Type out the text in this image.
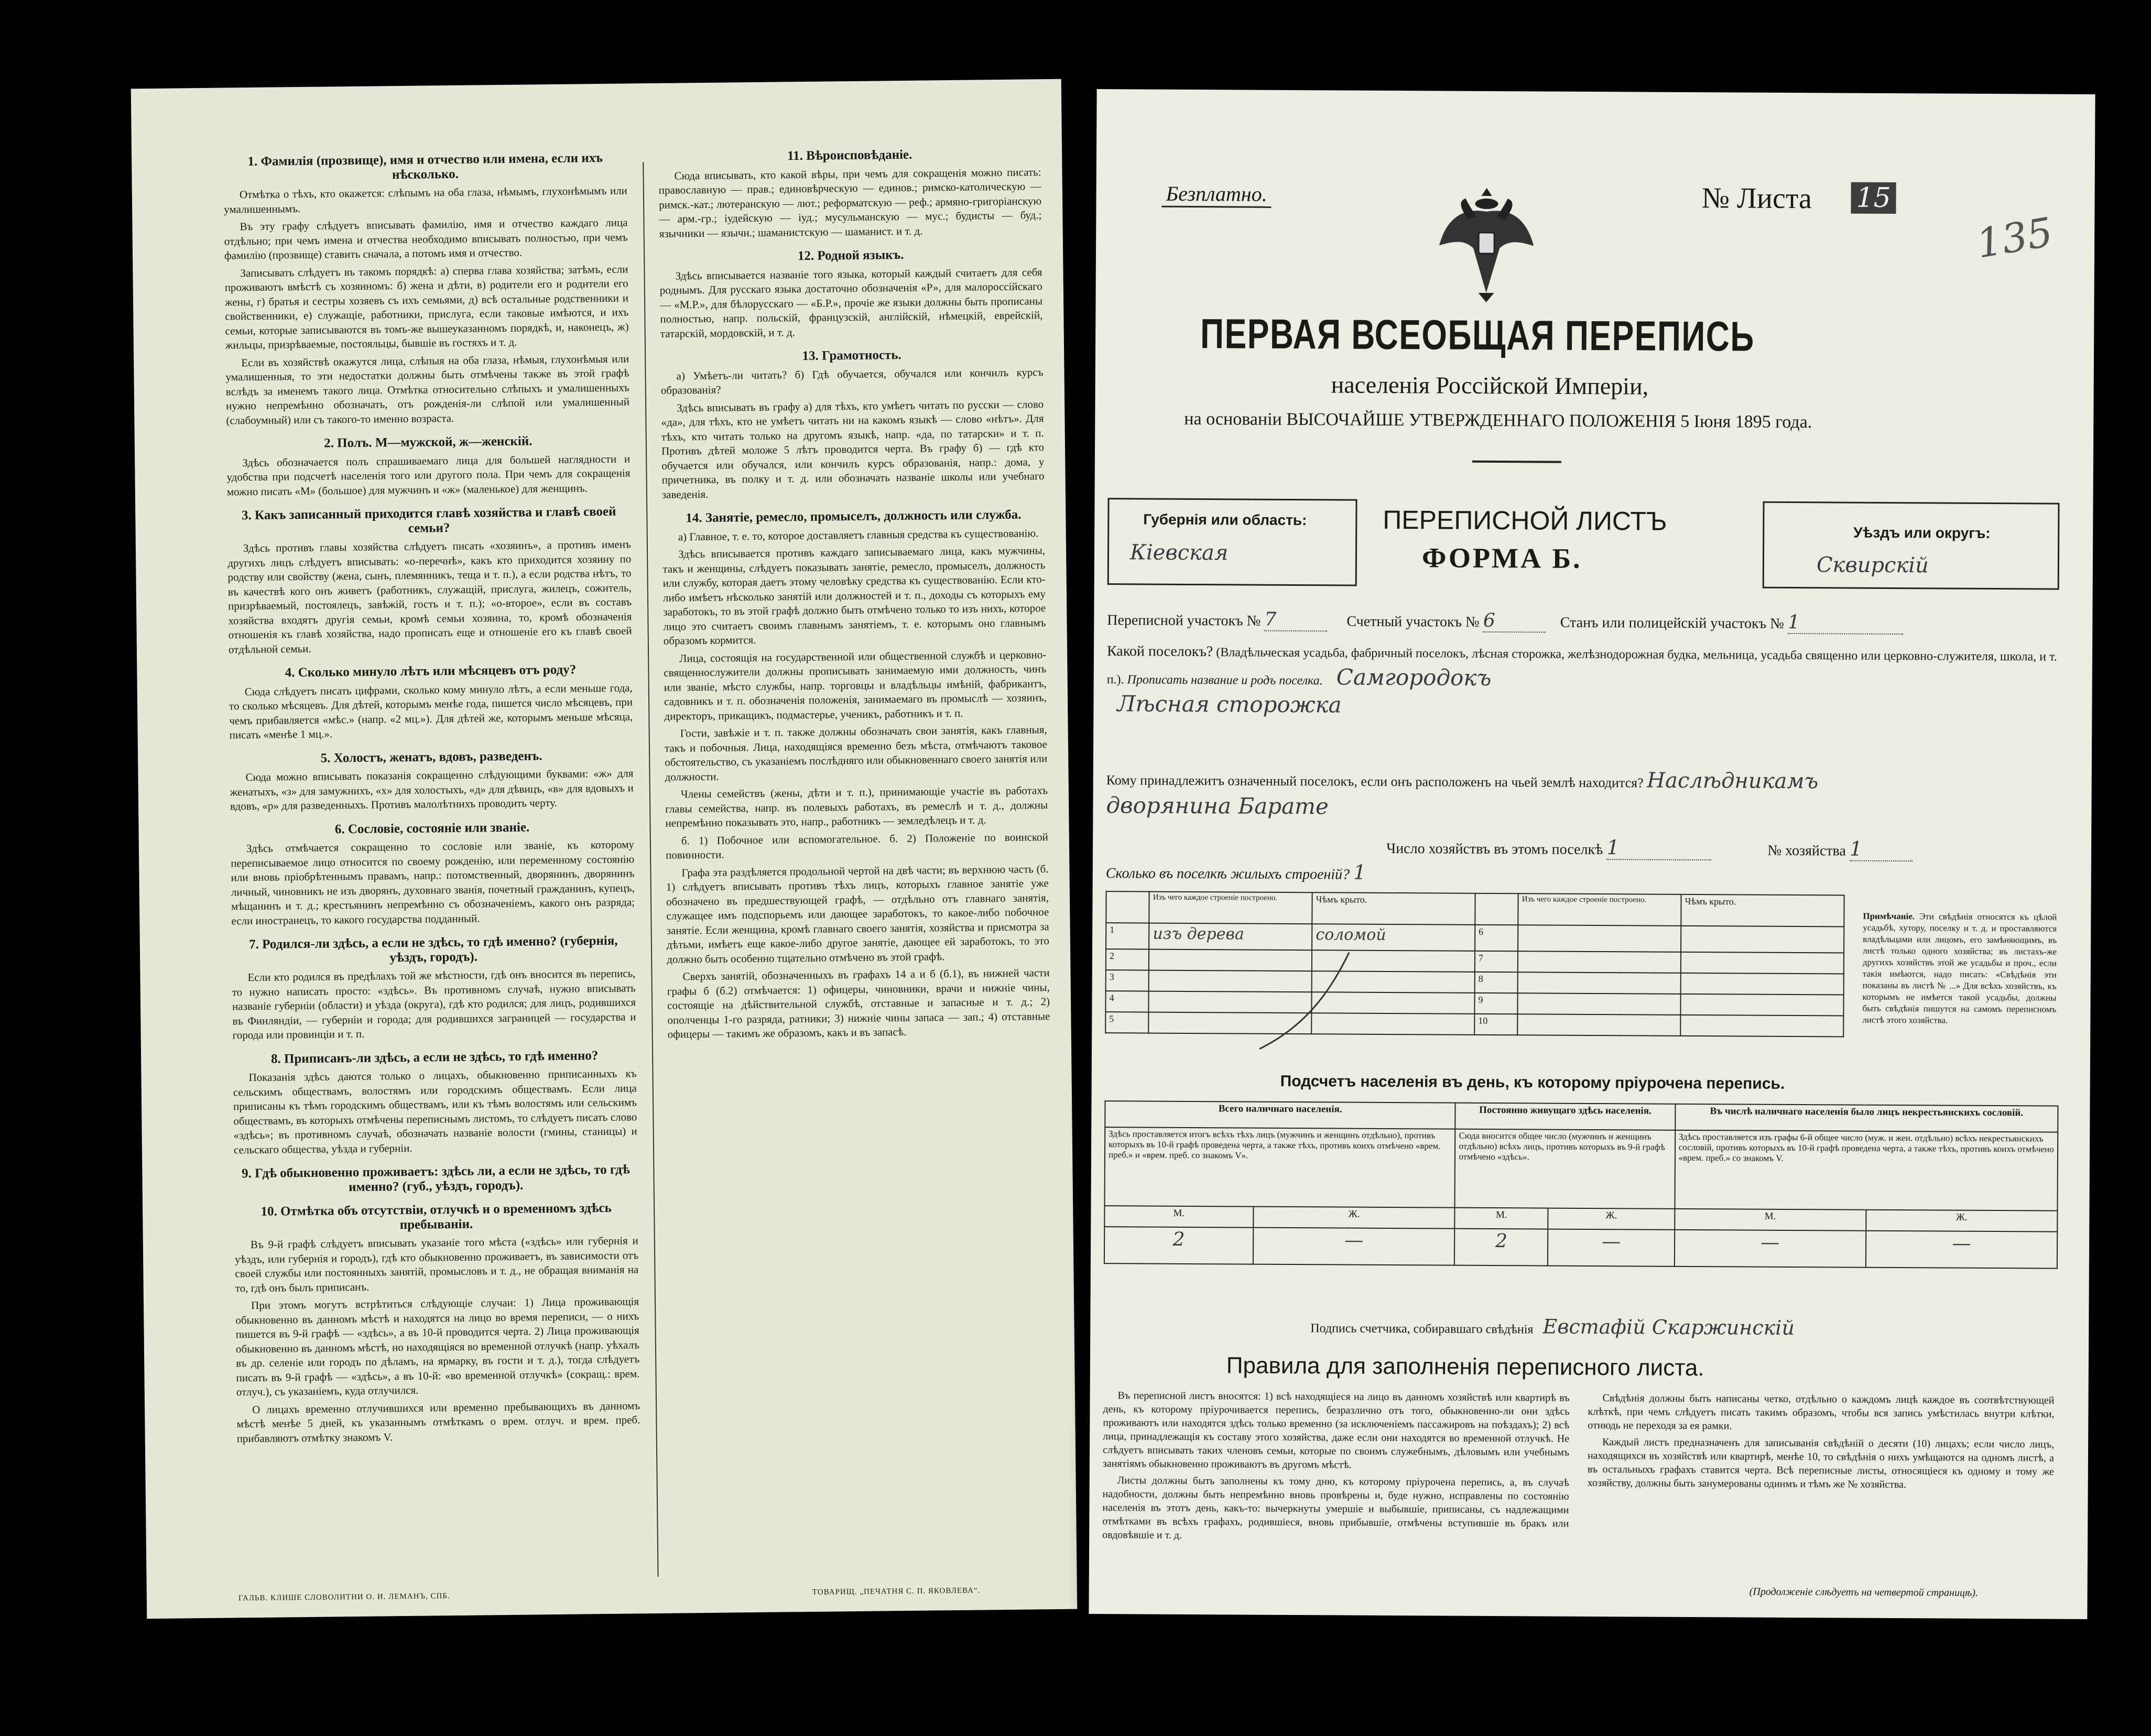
1. Фамилія (прозвище), имя и отчество или имена, если ихъ нѣсколько.

Отмѣтка о тѣхъ, кто окажется: слѣпымъ на оба глаза, нѣмымъ, глухонѣмымъ или умалишеннымъ.

Въ эту графу слѣдуетъ вписывать фамилію, имя и отчество каждаго лица отдѣльно; при чемъ имена и отчества необходимо вписывать полностью, при чемъ фамилію (прозвище) ставить сначала, а потомъ имя и отчество.

Записывать слѣдуетъ въ такомъ порядкѣ: а) сперва глава хозяйства; затѣмъ, если проживаютъ вмѣстѣ съ хозяиномъ: б) жена и дѣти, в) родители его и родители его жены, г) братья и сестры хозяевъ съ ихъ семьями, д) всѣ остальные родственники и свойственники, е) служащіе, работники, прислуга, если таковые имѣются, и ихъ семьи, которые записываются въ томъ-же вышеуказанномъ порядкѣ, и, наконецъ, ж) жильцы, призрѣваемые, постояльцы, бывшіе въ гостяхъ и т. д.

Если въ хозяйствѣ окажутся лица, слѣпыя на оба глаза, нѣмыя, глухонѣмыя или умалишенныя, то эти недостатки должны быть отмѣчены также въ этой графѣ вслѣдъ за именемъ такого лица. Отмѣтка относительно слѣпыхъ и умалишенныхъ нужно непремѣнно обозначать, отъ рожденія-ли слѣпой или умалишенный (слабоумный) или съ такого-то именно возраста.

2. Полъ. М—мужской, ж—женскій.

Здѣсь обозначается полъ спрашиваемаго лица для большей наглядности и удобства при подсчетѣ населенія того или другого пола. При чемъ для сокращенія можно писать «М» (большое) для мужчинъ и «ж» (маленькое) для женщинъ.

3. Какъ записанный приходится главѣ хозяйства и главѣ своей семьи?

Здѣсь противъ главы хозяйства слѣдуетъ писать «хозяинъ», а противъ именъ другихъ лицъ слѣдуетъ вписывать: «о-перечнѣ», какъ кто приходится хозяину по родству или свойству (жена, сынъ, племянникъ, теща и т. п.), а если родства нѣтъ, то въ качествѣ кого онъ живетъ (работникъ, служащій, прислуга, жилецъ, сожитель, призрѣваемый, постоялецъ, завѣжій, гость и т. п.); «о-второе», если въ составъ хозяйства входятъ другія семьи, кромѣ семьи хозяина, то, кромѣ обозначенія отношенія къ главѣ хозяйства, надо прописать еще и отношеніе его къ главѣ своей отдѣльной семьи.

4. Сколько минуло лѣтъ или мѣсяцевъ отъ роду?

Сюда слѣдуетъ писать цифрами, сколько кому минуло лѣтъ, а если меньше года, то сколько мѣсяцевъ. Для дѣтей, которымъ менѣе года, пишется число мѣсяцевъ, при чемъ прибавляется «мѣс.» (напр. «2 мц.»). Для дѣтей же, которымъ меньше мѣсяца, писать «менѣе 1 мц.».

5. Холостъ, женатъ, вдовъ, разведенъ.

Сюда можно вписывать показанія сокращенно слѣдующими буквами: «ж» для женатыхъ, «з» для замужнихъ, «х» для холостыхъ, «д» для дѣвицъ, «в» для вдовыхъ и вдовъ, «р» для разведенныхъ. Противъ малолѣтнихъ проводить черту.

6. Сословіе, состояніе или званіе.

Здѣсь отмѣчается сокращенно то сословіе или званіе, къ которому переписываемое лицо относится по своему рожденію, или переменному состоянію или вновь пріобрѣтеннымъ правамъ, напр.: потомственный, дворянинъ, дворянинъ личный, чиновникъ не изъ дворянъ, духовнаго званія, почетный гражданинъ, купецъ, мѣщанинъ и т. д.; крестьянинъ непремѣнно съ обозначеніемъ, какого онъ разряда; если иностранецъ, то какого государства подданный.

7. Родился-ли здѣсь, а если не здѣсь, то гдѣ именно? (губернія, уѣздъ, городъ).

Если кто родился въ предѣлахъ той же мѣстности, гдѣ онъ вносится въ перепись, то нужно написать просто: «здѣсь». Въ противномъ случаѣ, нужно вписывать названіе губерніи (области) и уѣзда (округа), гдѣ кто родился; для лицъ, родившихся въ Финляндіи, — губерніи и города; для родившихся заграницей — государства и города или провинціи и т. п.

8. Приписанъ-ли здѣсь, а если не здѣсь, то гдѣ именно?

Показанія здѣсь даются только о лицахъ, обыкновенно приписанныхъ къ сельскимъ обществамъ, волостямъ или городскимъ обществамъ. Если лица приписаны къ тѣмъ городскимъ обществамъ, или къ тѣмъ волостямъ или сельскимъ обществамъ, въ которыхъ отмѣчены переписнымъ листомъ, то слѣдуетъ писать слово «здѣсь»; въ противномъ случаѣ, обозначать названіе волости (гмины, станицы) и сельскаго общества, уѣзда и губерніи.

9. Гдѣ обыкновенно проживаетъ: здѣсь ли, а если не здѣсь, то гдѣ именно? (губ., уѣздъ, городъ).
10. Отмѣтка объ отсутствіи, отлучкѣ и о временномъ здѣсь пребываніи.

Въ 9-й графѣ слѣдуетъ вписывать указаніе того мѣста («здѣсь» или губернія и уѣздъ, или губернія и городъ), гдѣ кто обыкновенно проживаетъ, въ зависимости отъ своей службы или постоянныхъ занятій, промысловъ и т. д., не обращая вниманія на то, гдѣ онъ былъ приписанъ.

При этомъ могутъ встрѣтиться слѣдующіе случаи: 1) Лица проживающія обыкновенно въ данномъ мѣстѣ и находятся на лицо во время переписи, — о нихъ пишется въ 9-й графѣ — «здѣсь», а въ 10-й проводится черта. 2) Лица проживающія обыкновенно въ данномъ мѣстѣ, но находящіяся во временной отлучкѣ (напр. уѣхалъ въ др. селеніе или городъ по дѣламъ, на ярмарку, въ гости и т. д.), тогда слѣдуетъ писать въ 9-й графѣ — «здѣсь», а въ 10-й: «во временной отлучкѣ» (сокращ.: врем. отлуч.), съ указаніемъ, куда отлучился.

О лицахъ временно отлучившихся или временно пребывающихъ въ данномъ мѣстѣ менѣе 5 дней, къ указаннымъ отмѣткамъ о врем. отлуч. и врем. преб. прибавляютъ отмѣтку знакомъ V.

11. Вѣроисповѣданіе.

Сюда вписывать, кто какой вѣры, при чемъ для сокращенія можно писать: православную — прав.; единовѣрческую — единов.; римско-католическую — римск.-кат.; лютеранскую — лют.; реформатскую — реф.; армяно-григоріанскую — арм.-гр.; іудейскую — іуд.; мусульманскую — мус.; будисты — буд.; язычники — язычн.; шаманистскую — шаманист. и т. д.

12. Родной языкъ.

Здѣсь вписывается названіе того языка, который каждый считаетъ для себя роднымъ. Для русскаго языка достаточно обозначенія «Р», для малороссійскаго — «М.Р.», для бѣлорусскаго — «Б.Р.», прочіе же языки должны быть прописаны полностью, напр. польскій, французскій, англійскій, нѣмецкій, еврейскій, татарскій, мордовскій, и т. д.

13. Грамотность.

а) Умѣетъ-ли читать? б) Гдѣ обучается, обучался или кончилъ курсъ образованія?

Здѣсь вписывать въ графу а) для тѣхъ, кто умѣетъ читать по русски — слово «да», для тѣхъ, кто не умѣетъ читать ни на какомъ языкѣ — слово «нѣтъ». Для тѣхъ, кто читать только на другомъ языкѣ, напр. «да, по татарски» и т. п. Противъ дѣтей моложе 5 лѣтъ проводится черта. Въ графу б) — гдѣ кто обучается или обучался, или кончилъ курсъ образованія, напр.: дома, у причетника, въ полку и т. д. или обозначать названіе школы или учебнаго заведенія.

14. Занятіе, ремесло, промыселъ, должность или служба.

а) Главное, т. е. то, которое доставляетъ главныя средства къ существованію.

Здѣсь вписывается противъ каждаго записываемаго лица, какъ мужчины, такъ и женщины, слѣдуетъ показывать занятіе, ремесло, промыселъ, должность или службу, которая даетъ этому человѣку средства къ существованію. Если кто-либо имѣетъ нѣсколько занятій или должностей и т. п., доходы съ которыхъ ему заработокъ, то въ этой графѣ должно быть отмѣчено только то изъ нихъ, которое лицо это считаетъ своимъ главнымъ занятіемъ, т. е. которымъ оно главнымъ образомъ кормится.

Лица, состоящія на государственной или общественной службѣ и церковно-священнослужители должны прописывать занимаемую ими должность, чинъ или званіе, мѣсто службы, напр. торговцы и владѣльцы имѣній, фабрикантъ, садовникъ и т. п. обозначенія положенія, занимаемаго въ промыслѣ — хозяинъ, директоръ, прикащикъ, подмастерье, ученикъ, работникъ и т. п.

Гости, завѣжіе и т. п. также должны обозначать свои занятія, какъ главныя, такъ и побочныя. Лица, находящіяся временно безъ мѣста, отмѣчаютъ таковое обстоятельство, съ указаніемъ послѣдняго или обыкновеннаго своего занятія или должности.

Члены семействъ (жены, дѣти и т. п.), принимающіе участіе въ работахъ главы семейства, напр. въ полевыхъ работахъ, въ ремеслѣ и т. д., должны непремѣнно показывать это, напр., работникъ — земледѣлецъ и т. д.

б. 1) Побочное или вспомогательное. б. 2) Положеніе по воинской повинности.

Графа эта раздѣляется продольной чертой на двѣ части; въ верхнюю часть (б. 1) слѣдуетъ вписывать противъ тѣхъ лицъ, которыхъ главное занятіе уже обозначено въ предшествующей графѣ, — отдѣльно отъ главнаго занятія, служащее имъ подспорьемъ или дающее заработокъ, то какое-либо побочное занятіе. Если женщина, кромѣ главнаго своего занятія, хозяйства и присмотра за дѣтьми, имѣетъ еще какое-либо другое занятіе, дающее ей заработокъ, то это должно быть особенно тщательно отмѣчено въ этой графѣ.

Сверхъ занятій, обозначенныхъ въ графахъ 14 а и б (б.1), въ нижней части графы б (б.2) отмѣчается: 1) офицеры, чиновники, врачи и нижніе чины, состоящіе на дѣйствительной службѣ, отставные и запасные и т. д.; 2) ополченцы 1-го разряда, ратники; 3) нижніе чины запаса — зап.; 4) отставные офицеры — такимъ же образомъ, какъ и въ запасѣ.

ГАЛЬВ. КЛИШЕ СЛОВОЛИТНИ О. И. ЛЕМАНЪ, СПБ.
ТОВАРИЩ. „ПЕЧАТНЯ С. П. ЯКОВЛЕВА“.
Безплатно.	№ Листа 15
135
ПЕРВАЯ ВСЕОБЩАЯ ПЕРЕПИСЬ
населенія Россійской Имперіи,
на основаніи ВЫСОЧАЙШЕ УТВЕРЖДЕННАГО ПОЛОЖЕНІЯ 5 Іюня 1895 года.
Губернія или область:
Кіевская
ПЕРЕПИСНОЙ ЛИСТЪ
ФОРМА Б.
Уѣздъ или округъ:
Сквирскій
Переписной участокъ № 7	Счетный участокъ № 6	Станъ или полицейскій участокъ № 1
Какой поселокъ? (Владѣльческая усадьба, фабричный поселокъ, лѣсная сторожка, желѣзнодорожная будка, мельница, усадьба священно или церковно-служителя, школа, и т. п.). Прописать название и родъ поселка. Самгородокъ
Лѣсная сторожка
Кому принадлежитъ означенный поселокъ, если онъ расположенъ на чьей землѣ находится? Наслѣдникамъ
дворянина Барате
Число хозяйствъ въ этомъ поселкѣ 1	№ хозяйства 1
Сколько въ поселкѣ жилыхъ строеній? 1
	Изъ чего каждое строеніе построено.	Чѣмъ крыто.		Изъ чего каждое строеніе построено.	Чѣмъ крыто.
1	изъ дерева	соломой	6		
2			7		
3			8		
4			9		
5			10		
Примѣчаніе. Эти свѣдѣнія относятся къ цѣлой усадьбѣ, хутору, поселку и т. д. и проставляются владѣльцами или лицомъ, его замѣняющимъ, въ листѣ только одного хозяйства; въ листахъ-же другихъ хозяйствъ этой же усадьбы и проч., если такія имѣются, надо писать: «Свѣдѣнія эти показаны въ листѣ № ...» Для всѣхъ хозяйствъ, къ которымъ не имѣется такой усадьбы, должны быть свѣдѣнія пишутся на самомъ переписномъ листѣ этого хозяйства.
Подсчетъ населенія въ день, къ которому пріурочена перепись.
Всего наличнаго населенія.		Постоянно живущаго здѣсь населенія.		Въ числѣ наличнаго населенія было лицъ некрестьянскихъ сословій.	
Здѣсь проставляется итогъ всѣхъ тѣхъ лицъ (мужчинъ и женщинъ отдѣльно), противъ которыхъ въ 10-й графѣ проведена черта, а также тѣхъ, противъ коихъ отмѣчено «врем. преб.» и «врем. преб. со знакомъ V».		Сюда вносится общее число (мужчинъ и женщинъ отдѣльно) всѣхъ лицъ, противъ которыхъ въ 9-й графѣ отмѣчено «здѣсь».		Здѣсь проставляется изъ графы 6-й общее число (муж. и жен. отдѣльно) всѣхъ некрестьянскихъ сословій, противъ которыхъ въ 10-й графѣ проведена черта, а также тѣхъ, противъ коихъ отмѣчено «врем. преб.» со знакомъ V.	
М.	Ж.	М.	Ж.	М.	Ж.
2	—	2	—	—	—
Подпись счетчика, собиравшаго свѣдѣнія Евстафій Скаржинскій
Правила для заполненія переписного листа.

Въ переписной листъ вносятся: 1) всѣ находящіеся на лицо въ данномъ хозяйствѣ или квартирѣ въ день, къ которому пріурочивается перепись, безразлично отъ того, обыкновенно-ли они здѣсь проживаютъ или находятся здѣсь только временно (за исключеніемъ пассажировъ на поѣздахъ); 2) всѣ лица, принадлежащія къ составу этого хозяйства, даже если они находятся во временной отлучкѣ. Не слѣдуетъ вписывать таких членовъ семьи, которые по своимъ служебнымъ, дѣловымъ или учебнымъ занятіямъ обыкновенно проживаютъ въ другомъ мѣстѣ.

Листы должны быть заполнены къ тому дню, къ которому пріурочена перепись, а, въ случаѣ надобности, должны быть непремѣнно вновь провѣрены и, буде нужно, исправлены по состоянію населенія въ этотъ день, какъ-то: вычеркнуты умершіе и выбывшіе, приписаны, съ надлежащими отмѣтками въ всѣхъ графахъ, родившіеся, вновь прибывшіе, отмѣчены вступившіе въ бракъ или овдовѣвшіе и т. д.

Свѣдѣнія должны быть написаны четко, отдѣльно о каждомъ лицѣ каждое въ соотвѣтствующей клѣткѣ, при чемъ слѣдуетъ писать такимъ образомъ, чтобы вся запись умѣстилась внутри клѣтки, отнюдь не переходя за ея рамки.

Каждый листъ предназначенъ для записыванія свѣдѣній о десяти (10) лицахъ; если число лицъ, находящихся въ хозяйствѣ или квартирѣ, менѣе 10, то свѣдѣнія о нихъ умѣщаются на одномъ листѣ, а въ остальныхъ графахъ ставится черта. Всѣ переписные листы, относящіеся къ одному и тому же хозяйству, должны быть занумерованы одинмъ и тѣмъ же № хозяйства.

(Продолженіе слѣдуетъ на четвертой страницѣ).
